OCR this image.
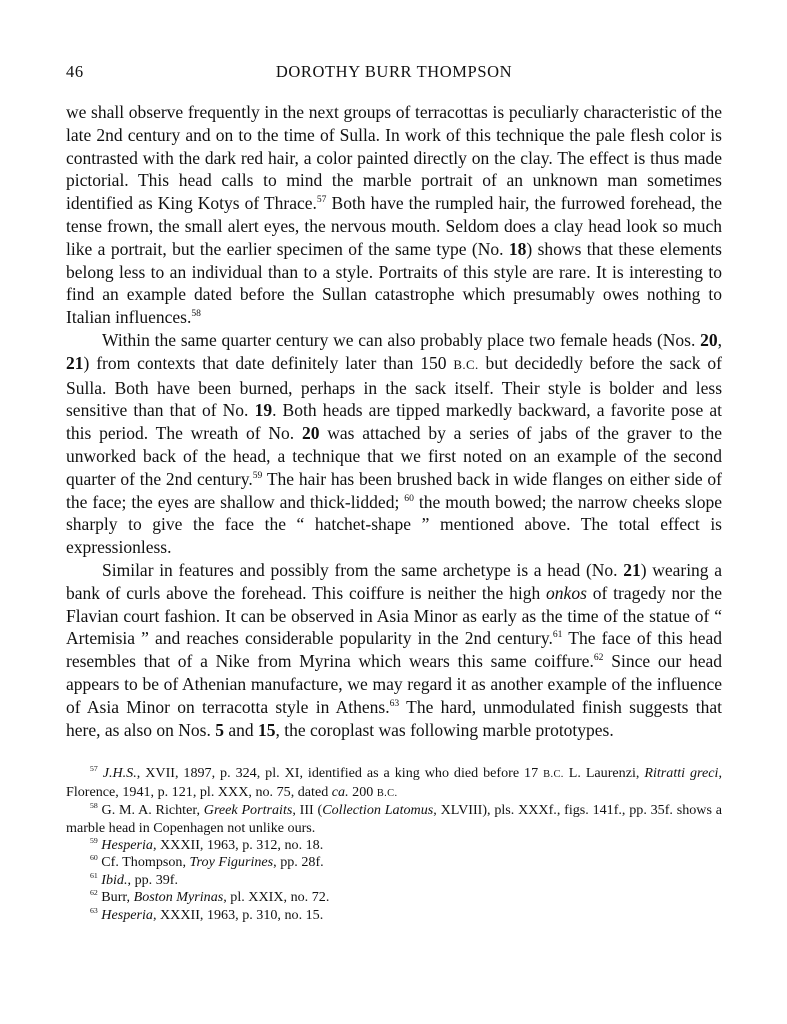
46	DOROTHY BURR THOMPSON

we shall observe frequently in the next groups of terracottas is peculiarly characteristic of the late 2nd century and on to the time of Sulla. In work of this technique the pale flesh color is contrasted with the dark red hair, a color painted directly on the clay. The effect is thus made pictorial. This head calls to mind the marble portrait of an unknown man sometimes identified as King Kotys of Thrace.$^{57}$ Both have the rumpled hair, the furrowed forehead, the tense frown, the small alert eyes, the nervous mouth. Seldom does a clay head look so much like a portrait, but the earlier specimen of the same type (No. 18) shows that these elements belong less to an individual than to a style. Portraits of this style are rare. It is interesting to find an example dated before the Sullan catastrophe which presumably owes nothing to Italian influences.$^{58}$

Within the same quarter century we can also probably place two female heads (Nos. 20, 21) from contexts that date definitely later than 150 B.C. but decidedly before the sack of Sulla. Both have been burned, perhaps in the sack itself. Their style is bolder and less sensitive than that of No. 19. Both heads are tipped markedly backward, a favorite pose at this period. The wreath of No. 20 was attached by a series of jabs of the graver to the unworked back of the head, a technique that we first noted on an example of the second quarter of the 2nd century.$^{59}$ The hair has been brushed back in wide flanges on either side of the face; the eyes are shallow and thick-lidded; $^{60}$ the mouth bowed; the narrow cheeks slope sharply to give the face the “ hatchet-shape ” mentioned above. The total effect is expressionless.

Similar in features and possibly from the same archetype is a head (No. 21) wearing a bank of curls above the forehead. This coiffure is neither the high onkos of tragedy nor the Flavian court fashion. It can be observed in Asia Minor as early as the time of the statue of “ Artemisia ” and reaches considerable popularity in the 2nd century.$^{61}$ The face of this head resembles that of a Nike from Myrina which wears this same coiffure.$^{62}$ Since our head appears to be of Athenian manufacture, we may regard it as another example of the influence of Asia Minor on terracotta style in Athens.$^{63}$ The hard, unmodulated finish suggests that here, as also on Nos. 5 and 15, the coroplast was following marble prototypes.

$^{57}$ J.H.S., XVII, 1897, p. 324, pl. XI, identified as a king who died before 17 B.C. L. Laurenzi, Ritratti greci, Florence, 1941, p. 121, pl. XXX, no. 75, dated ca. 200 B.C.

$^{58}$ G. M. A. Richter, Greek Portraits, III (Collection Latomus, XLVIII), pls. XXXf., figs. 141f., pp. 35f. shows a marble head in Copenhagen not unlike ours.

$^{59}$ Hesperia, XXXII, 1963, p. 312, no. 18.

$^{60}$ Cf. Thompson, Troy Figurines, pp. 28f.

$^{61}$ Ibid., pp. 39f.

$^{62}$ Burr, Boston Myrinas, pl. XXIX, no. 72.

$^{63}$ Hesperia, XXXII, 1963, p. 310, no. 15.
